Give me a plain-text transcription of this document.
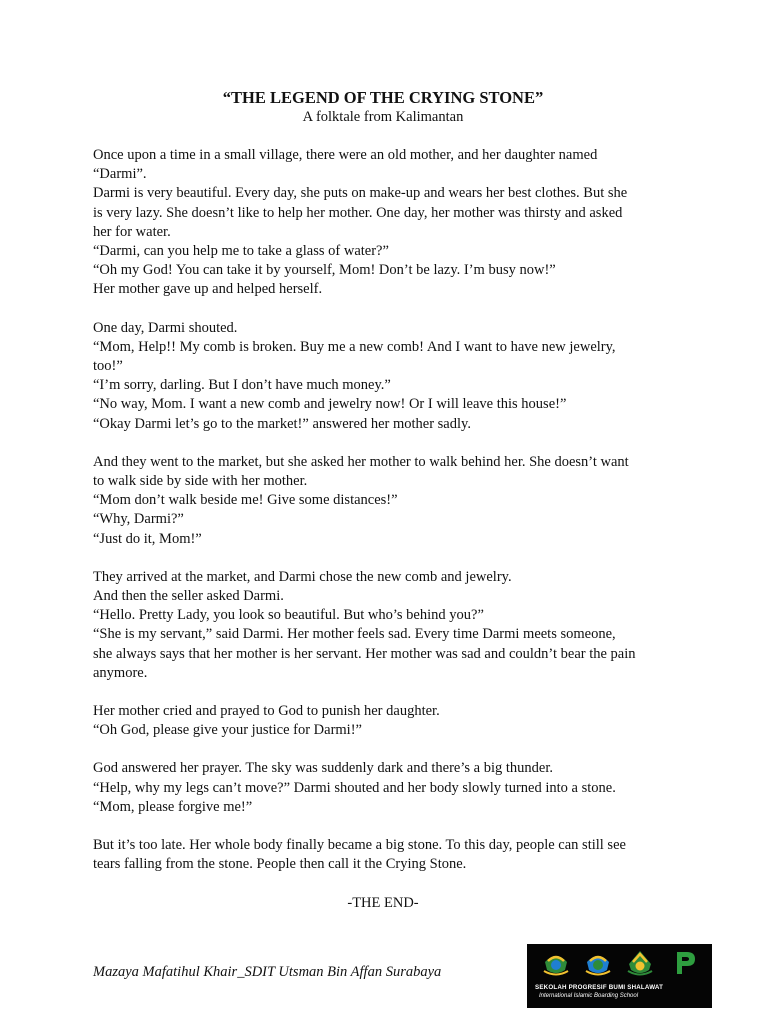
“THE LEGEND OF THE CRYING STONE”

A folktale from Kalimantan

Once upon a time in a small village, there were an old mother, and her daughter named

“Darmi”.

Darmi is very beautiful. Every day, she puts on make-up and wears her best clothes. But she

is very lazy. She doesn’t like to help her mother. One day, her mother was thirsty and asked

her for water.

“Darmi, can you help me to take a glass of water?”

“Oh my God! You can take it by yourself, Mom! Don’t be lazy. I’m busy now!”

Her mother gave up and helped herself.

One day, Darmi shouted.

“Mom, Help!! My comb is broken. Buy me a new comb! And I want to have new jewelry,

too!”

“I’m sorry, darling. But I don’t have much money.”

“No way, Mom. I want a new comb and jewelry now! Or I will leave this house!”

“Okay Darmi let’s go to the market!” answered her mother sadly.

And they went to the market, but she asked her mother to walk behind her. She doesn’t want

to walk side by side with her mother.

“Mom don’t walk beside me! Give some distances!”

“Why, Darmi?”

“Just do it, Mom!”

They arrived at the market, and Darmi chose the new comb and jewelry.

And then the seller asked Darmi.

“Hello. Pretty Lady, you look so beautiful. But who’s behind you?”

“She is my servant,” said Darmi. Her mother feels sad. Every time Darmi meets someone,

she always says that her mother is her servant. Her mother was sad and couldn’t bear the pain

anymore.

Her mother cried and prayed to God to punish her daughter.

“Oh God, please give your justice for Darmi!”

God answered her prayer. The sky was suddenly dark and there’s a big thunder.

“Help, why my legs can’t move?” Darmi shouted and her body slowly turned into a stone.

“Mom, please forgive me!”

But it’s too late. Her whole body finally became a big stone. To this day, people can still see

tears falling from the stone. People then call it the Crying Stone.

-THE END-

Mazaya Mafatihul Khair_SDIT Utsman Bin Affan Surabaya
SEKOLAH PROGRESIF BUMI SHALAWAT
International Islamic Boarding School
